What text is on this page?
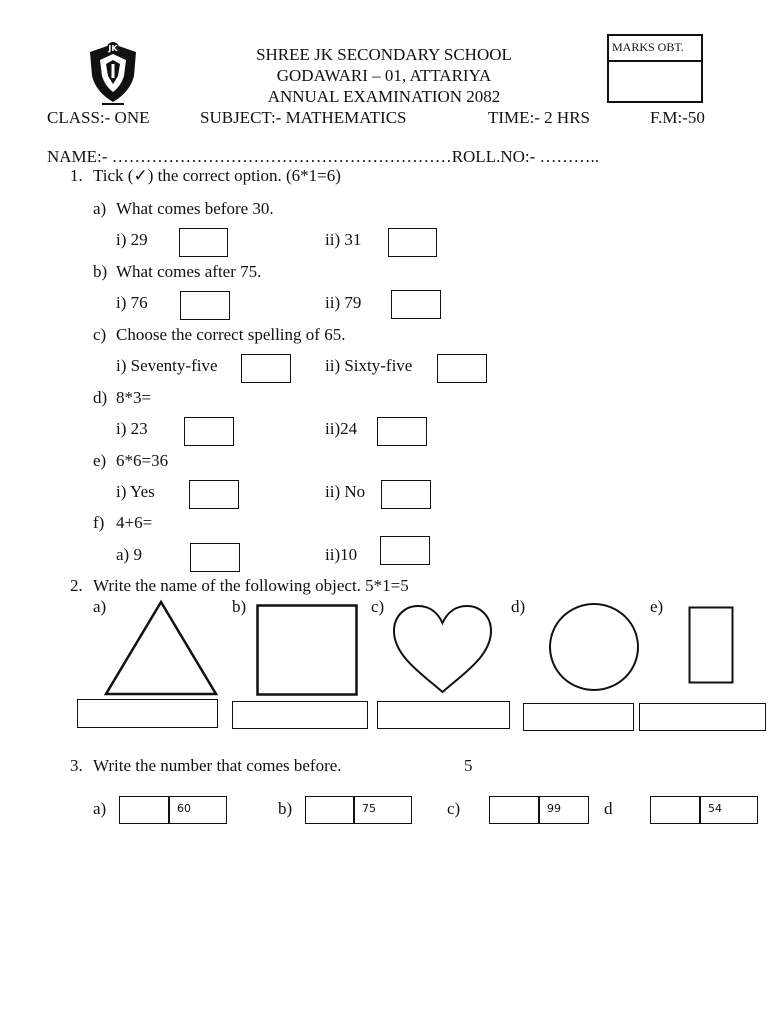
JK	SHREE JK SECONDARY SCHOOL
GODAWARI – 01, ATTARIYA
ANNUAL EXAMINATION 2082
MARKS OBT.
CLASS:- ONE	SUBJECT:- MATHEMATICS	TIME:- 2 HRS	F.M:-50
NAME:- ……………………………………………………ROLL.NO:- ………..
1. Tick (✓) the correct option. (6*1=6)
a) What comes before 30.
i) 29	ii) 31
b) What comes after 75.
i) 76	ii) 79
c) Choose the correct spelling of 65.
i) Seventy-five	ii) Sixty-five
d) 8*3=
i) 23	ii)24
e) 6*6=36
i) Yes	ii) No
f) 4+6=
a) 9	ii)10
2. Write the name of the following object. 5*1=5
a)	b)	c)	d)	e)
3. Write the number that comes before.	5
a)	60	b)	75	c)	99	d	54
